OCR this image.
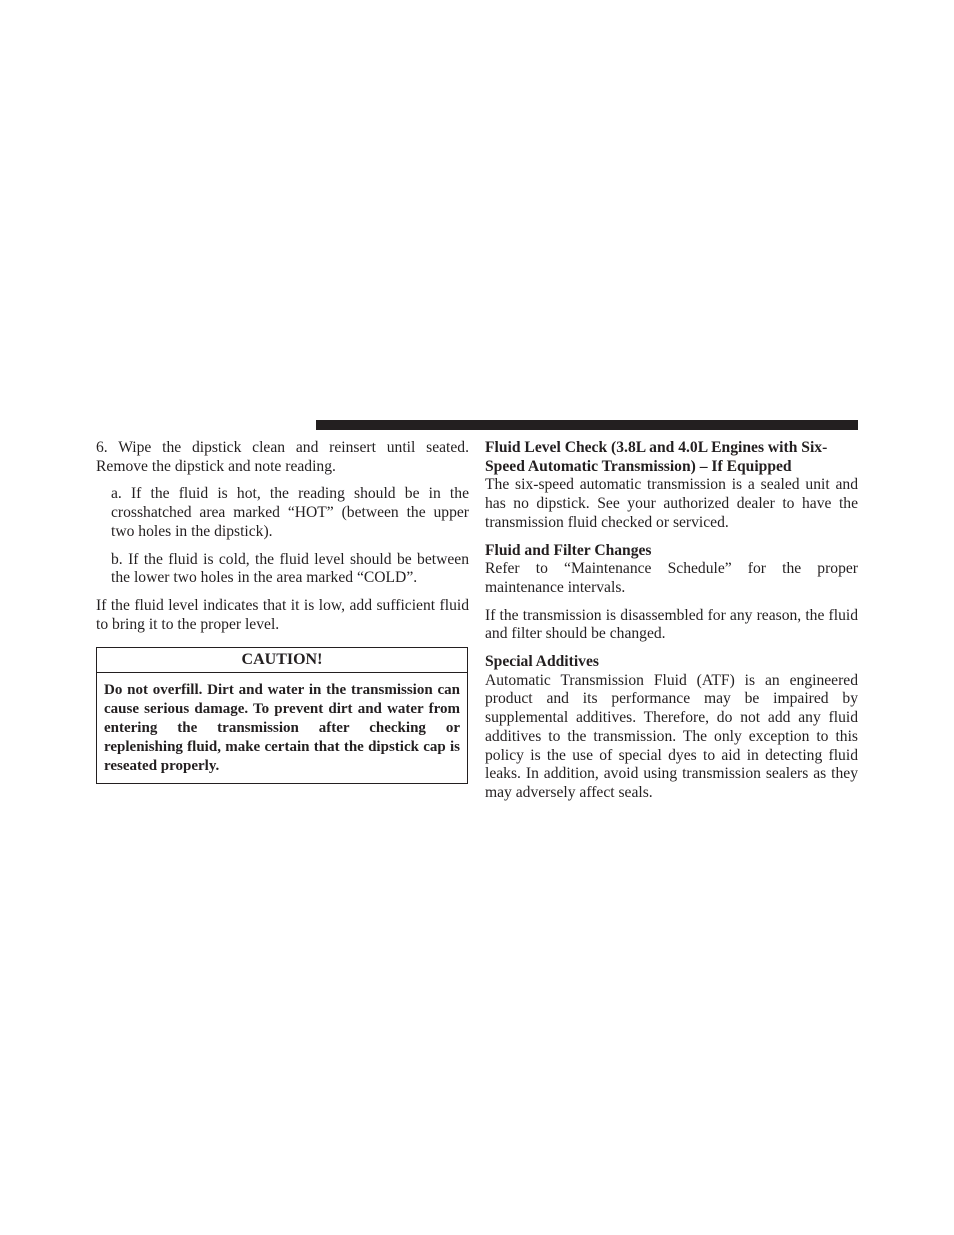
6. Wipe the dipstick clean and reinsert until seated. Remove the dipstick and note reading.

a. If the fluid is hot, the reading should be in the crosshatched area marked “HOT” (between the upper two holes in the dipstick).

b. If the fluid is cold, the fluid level should be between the lower two holes in the area marked “COLD”.

If the fluid level indicates that it is low, add sufficient fluid to bring it to the proper level.

CAUTION!
Do not overfill. Dirt and water in the transmission can cause serious damage. To prevent dirt and water from entering the transmission after checking or replenishing fluid, make certain that the dipstick cap is reseated properly.
Fluid Level Check (3.8L and 4.0L Engines with Six-Speed Automatic Transmission) – If Equipped

The six-speed automatic transmission is a sealed unit and has no dipstick. See your authorized dealer to have the transmission fluid checked or serviced.

Fluid and Filter Changes

Refer to “Maintenance Schedule” for the proper maintenance intervals.

If the transmission is disassembled for any reason, the fluid and filter should be changed.

Special Additives

Automatic Transmission Fluid (ATF) is an engineered product and its performance may be impaired by supplemental additives. Therefore, do not add any fluid additives to the transmission. The only exception to this policy is the use of special dyes to aid in detecting fluid leaks. In addition, avoid using transmission sealers as they may adversely affect seals.
